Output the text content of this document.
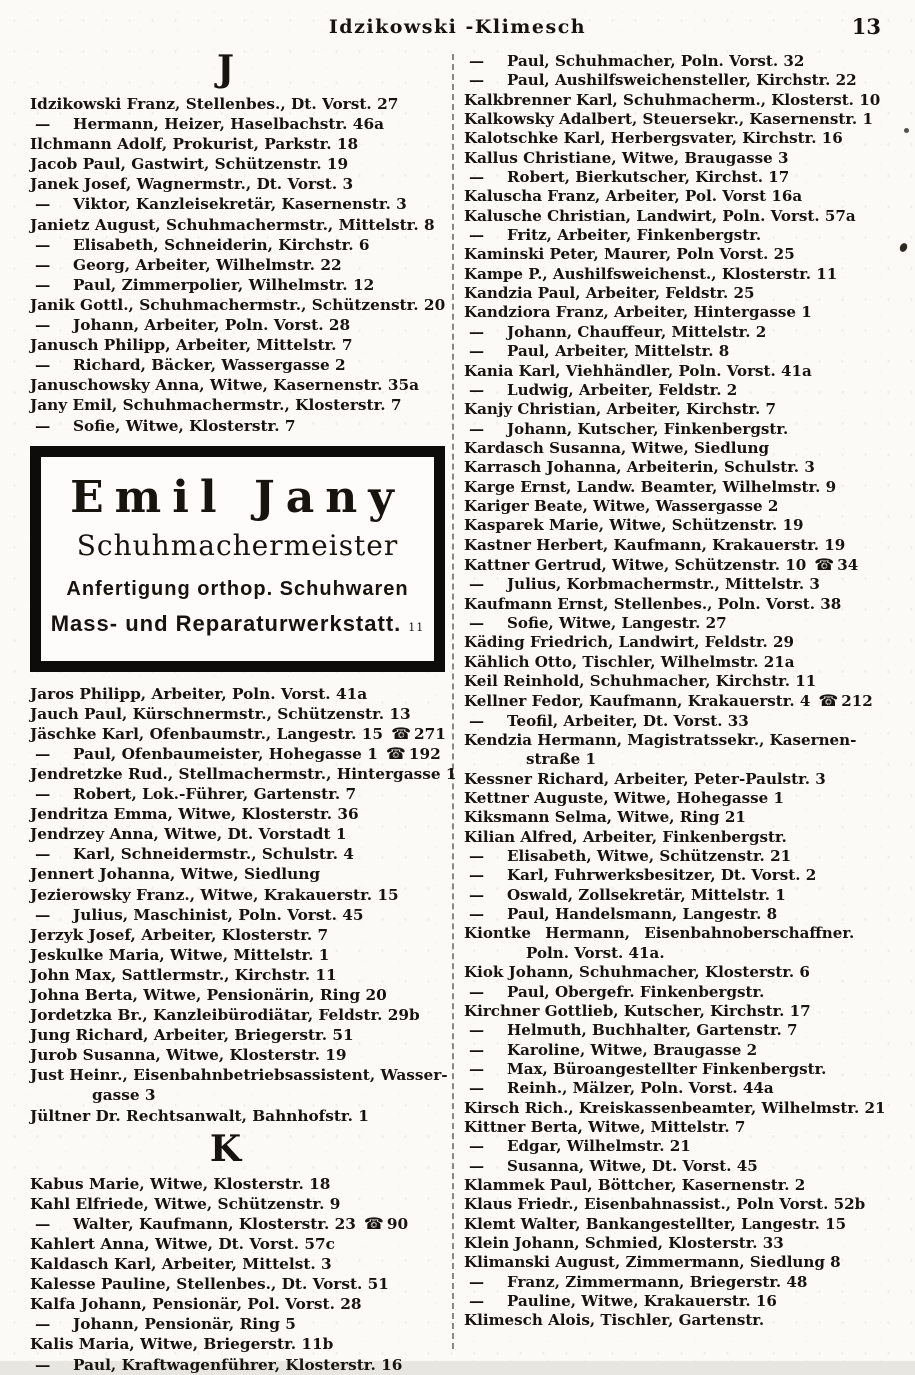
Idzikowski -Klimesch	13
J
Idzikowski Franz, Stellenbes., Dt. Vorst. 27
— Hermann, Heizer, Haselbachstr. 46a
Ilchmann Adolf, Prokurist, Parkstr. 18
Jacob Paul, Gastwirt, Schützenstr. 19
Janek Josef, Wagnermstr., Dt. Vorst. 3
— Viktor, Kanzleisekretär, Kasernenstr. 3
Janietz August, Schuhmachermstr., Mittelstr. 8
— Elisabeth, Schneiderin, Kirchstr. 6
— Georg, Arbeiter, Wilhelmstr. 22
— Paul, Zimmerpolier, Wilhelmstr. 12
Janik Gottl., Schuhmachermstr., Schützenstr. 20
— Johann, Arbeiter, Poln. Vorst. 28
Janusch Philipp, Arbeiter, Mittelstr. 7
— Richard, Bäcker, Wassergasse 2
Januschowsky Anna, Witwe, Kasernenstr. 35a
Jany Emil, Schuhmachermstr., Klosterstr. 7
— Sofie, Witwe, Klosterstr. 7
Emil Jany
Schuhmachermeister
Anfertigung orthop. Schuhwaren
Mass- und Reparaturwerkstatt. 11
Jaros Philipp, Arbeiter, Poln. Vorst. 41a
Jauch Paul, Kürschnermstr., Schützenstr. 13
Jäschke Karl, Ofenbaumstr., Langestr. 15 ☎ 271
— Paul, Ofenbaumeister, Hohegasse 1 ☎ 192
Jendretzke Rud., Stellmachermstr., Hintergasse 1
— Robert, Lok.-Führer, Gartenstr. 7
Jendritza Emma, Witwe, Klosterstr. 36
Jendrzey Anna, Witwe, Dt. Vorstadt 1
— Karl, Schneidermstr., Schulstr. 4
Jennert Johanna, Witwe, Siedlung
Jezierowsky Franz., Witwe, Krakauerstr. 15
— Julius, Maschinist, Poln. Vorst. 45
Jerzyk Josef, Arbeiter, Klosterstr. 7
Jeskulke Maria, Witwe, Mittelstr. 1
John Max, Sattlermstr., Kirchstr. 11
Johna Berta, Witwe, Pensionärin, Ring 20
Jordetzka Br., Kanzleibürodiätar, Feldstr. 29b
Jung Richard, Arbeiter, Briegerstr. 51
Jurob Susanna, Witwe, Klosterstr. 19
Just Heinr., Eisenbahnbetriebsassistent, Wasser-
gasse 3
Jültner Dr. Rechtsanwalt, Bahnhofstr. 1
K
Kabus Marie, Witwe, Klosterstr. 18
Kahl Elfriede, Witwe, Schützenstr. 9
— Walter, Kaufmann, Klosterstr. 23 ☎ 90
Kahlert Anna, Witwe, Dt. Vorst. 57c
Kaldasch Karl, Arbeiter, Mittelst. 3
Kalesse Pauline, Stellenbes., Dt. Vorst. 51
Kalfa Johann, Pensionär, Pol. Vorst. 28
— Johann, Pensionär, Ring 5
Kalis Maria, Witwe, Briegerstr. 11b
— Paul, Kraftwagenführer, Klosterstr. 16
— Paul, Schuhmacher, Poln. Vorst. 32
— Paul, Aushilfsweichensteller, Kirchstr. 22
Kalkbrenner Karl, Schuhmacherm., Klosterst. 10
Kalkowsky Adalbert, Steuersekr., Kasernenstr. 1
Kalotschke Karl, Herbergsvater, Kirchstr. 16
Kallus Christiane, Witwe, Braugasse 3
— Robert, Bierkutscher, Kirchst. 17
Kaluscha Franz, Arbeiter, Pol. Vorst 16a
Kalusche Christian, Landwirt, Poln. Vorst. 57a
— Fritz, Arbeiter, Finkenbergstr.
Kaminski Peter, Maurer, Poln Vorst. 25
Kampe P., Aushilfsweichenst., Klosterstr. 11
Kandzia Paul, Arbeiter, Feldstr. 25
Kandziora Franz, Arbeiter, Hintergasse 1
— Johann, Chauffeur, Mittelstr. 2
— Paul, Arbeiter, Mittelstr. 8
Kania Karl, Viehhändler, Poln. Vorst. 41a
— Ludwig, Arbeiter, Feldstr. 2
Kanjy Christian, Arbeiter, Kirchstr. 7
— Johann, Kutscher, Finkenbergstr.
Kardasch Susanna, Witwe, Siedlung
Karrasch Johanna, Arbeiterin, Schulstr. 3
Karge Ernst, Landw. Beamter, Wilhelmstr. 9
Kariger Beate, Witwe, Wassergasse 2
Kasparek Marie, Witwe, Schützenstr. 19
Kastner Herbert, Kaufmann, Krakauerstr. 19
Kattner Gertrud, Witwe, Schützenstr. 10 ☎ 34
— Julius, Korbmachermstr., Mittelstr. 3
Kaufmann Ernst, Stellenbes., Poln. Vorst. 38
— Sofie, Witwe, Langestr. 27
Käding Friedrich, Landwirt, Feldstr. 29
Kählich Otto, Tischler, Wilhelmstr. 21a
Keil Reinhold, Schuhmacher, Kirchstr. 11
Kellner Fedor, Kaufmann, Krakauerstr. 4 ☎ 212
— Teofil, Arbeiter, Dt. Vorst. 33
Kendzia Hermann, Magistratssekr., Kasernen-
straße 1
Kessner Richard, Arbeiter, Peter-Paulstr. 3
Kettner Auguste, Witwe, Hohegasse 1
Kiksmann Selma, Witwe, Ring 21
Kilian Alfred, Arbeiter, Finkenbergstr.
— Elisabeth, Witwe, Schützenstr. 21
— Karl, Fuhrwerksbesitzer, Dt. Vorst. 2
— Oswald, Zollsekretär, Mittelstr. 1
— Paul, Handelsmann, Langestr. 8
Kiontke Hermann, Eisenbahnoberschaffner.
Poln. Vorst. 41a.
Kiok Johann, Schuhmacher, Klosterstr. 6
— Paul, Obergefr. Finkenbergstr.
Kirchner Gottlieb, Kutscher, Kirchstr. 17
— Helmuth, Buchhalter, Gartenstr. 7
— Karoline, Witwe, Braugasse 2
— Max, Büroangestellter Finkenbergstr.
— Reinh., Mälzer, Poln. Vorst. 44a
Kirsch Rich., Kreiskassenbeamter, Wilhelmstr. 21
Kittner Berta, Witwe, Mittelstr. 7
— Edgar, Wilhelmstr. 21
— Susanna, Witwe, Dt. Vorst. 45
Klammek Paul, Böttcher, Kasernenstr. 2
Klaus Friedr., Eisenbahnassist., Poln Vorst. 52b
Klemt Walter, Bankangestellter, Langestr. 15
Klein Johann, Schmied, Klosterstr. 33
Klimanski August, Zimmermann, Siedlung 8
— Franz, Zimmermann, Briegerstr. 48
— Pauline, Witwe, Krakauerstr. 16
Klimesch Alois, Tischler, Gartenstr.
